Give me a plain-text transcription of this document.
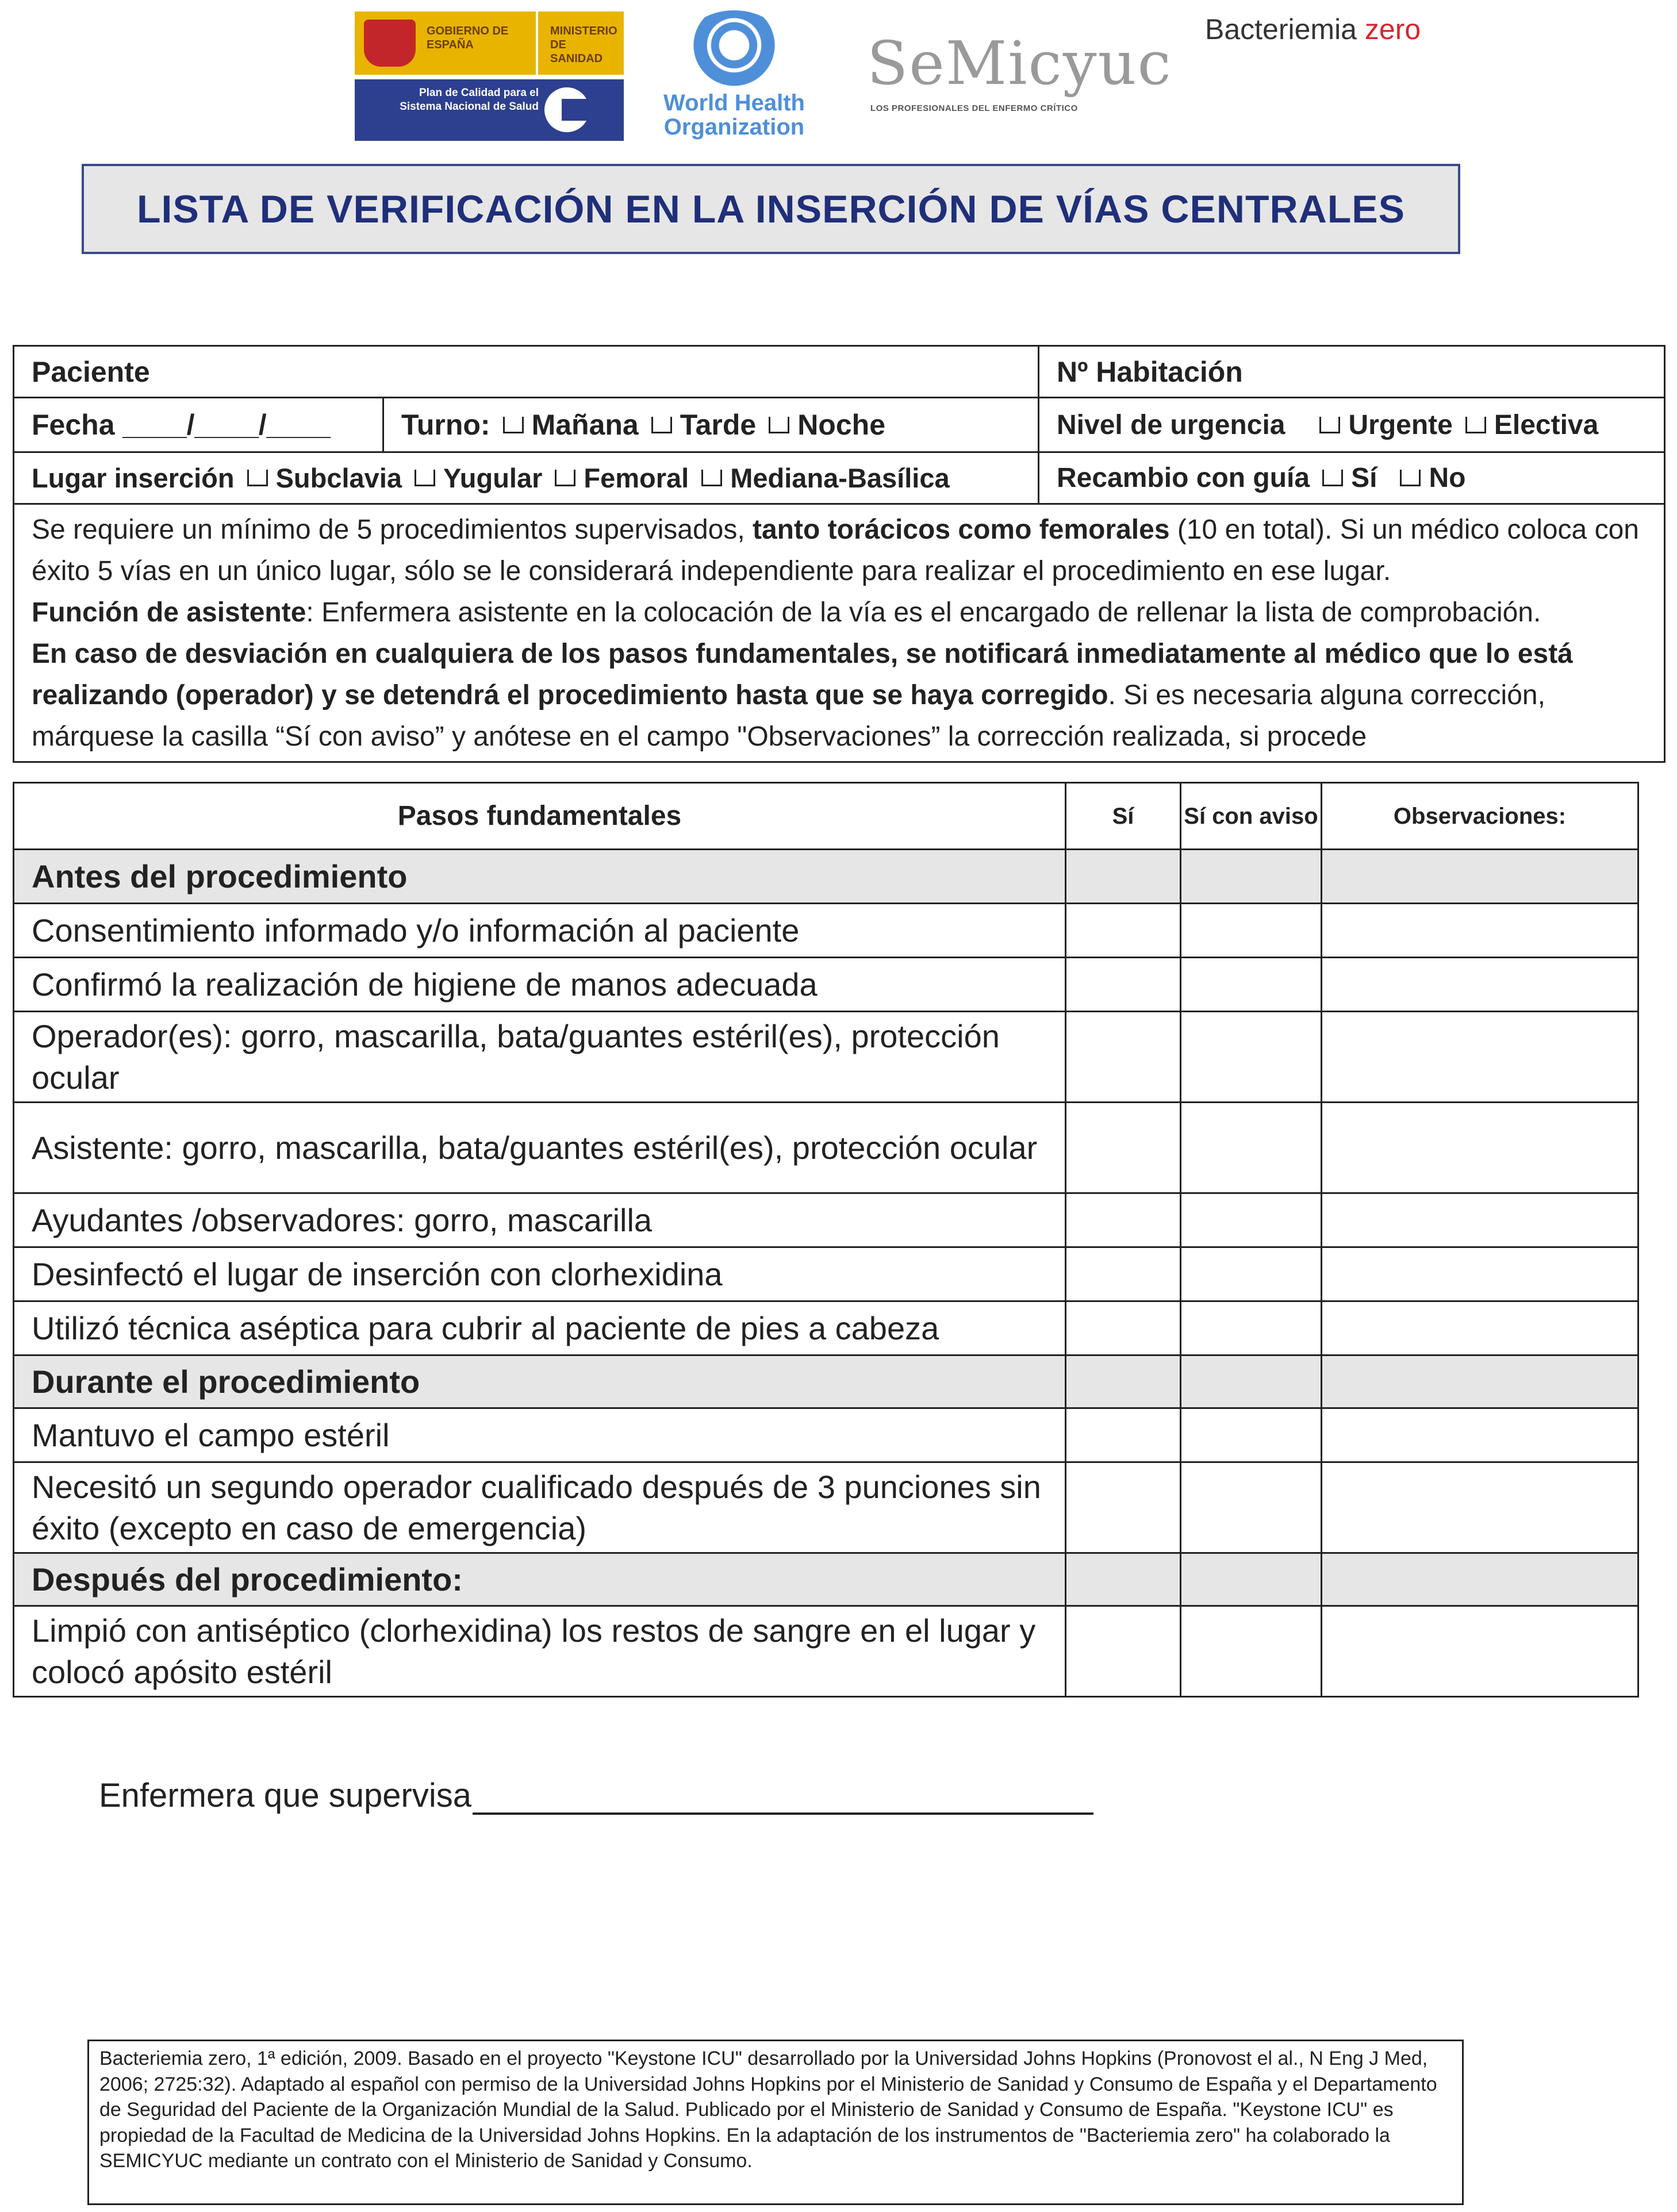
GOBIERNO DE ESPAÑA
MINISTERIO DE SANIDAD
Plan de Calidad para el Sistema Nacional de Salud	World Health Organization
SeMicyuc
LOS PROFESIONALES DEL ENFERMO CRÍTICO
Bacteriemia zero
LISTA DE VERIFICACIÓN EN LA INSERCIÓN DE VÍAS CENTRALES
Paciente	Nº Habitación
Fecha ____/____/____ Turno: Mañana Tarde Noche	Nivel de urgencia Urgente Electiva
Lugar inserción Subclavia Yugular Femoral Mediana-Basílica	Recambio con guía Sí No
Se requiere un mínimo de 5 procedimientos supervisados, tanto torácicos como femorales (10 en total). Si un médico coloca con éxito 5 vías en un único lugar, sólo se le considerará independiente para realizar el procedimiento en ese lugar.
Función de asistente: Enfermera asistente en la colocación de la vía es el encargado de rellenar la lista de comprobación.
En caso de desviación en cualquiera de los pasos fundamentales, se notificará inmediatamente al médico que lo está realizando (operador) y se detendrá el procedimiento hasta que se haya corregido. Si es necesaria alguna corrección, márquese la casilla “Sí con aviso” y anótese en el campo "Observaciones” la corrección realizada, si procede
Pasos fundamentales	Sí	Sí con aviso	Observaciones:
Antes del procedimiento			
Consentimiento informado y/o información al paciente			
Confirmó la realización de higiene de manos adecuada			
Operador(es): gorro, mascarilla, bata/guantes estéril(es), protección ocular			
Asistente: gorro, mascarilla, bata/guantes estéril(es), protección ocular			
Ayudantes /observadores: gorro, mascarilla			
Desinfectó el lugar de inserción con clorhexidina			
Utilizó técnica aséptica para cubrir al paciente de pies a cabeza			
Durante el procedimiento			
Mantuvo el campo estéril			
Necesitó un segundo operador cualificado después de 3 punciones sin éxito (excepto en caso de emergencia)			
Después del procedimiento:			
Limpió con antiséptico (clorhexidina) los restos de sangre en el lugar y colocó apósito estéril			
Enfermera que supervisa
Bacteriemia zero, 1ª edición, 2009. Basado en el proyecto "Keystone ICU" desarrollado por la Universidad Johns Hopkins (Pronovost el al., N Eng J Med, 2006; 2725:32). Adaptado al español con permiso de la Universidad Johns Hopkins por el Ministerio de Sanidad y Consumo de España y el Departamento de Seguridad del Paciente de la Organización Mundial de la Salud. Publicado por el Ministerio de Sanidad y Consumo de España. "Keystone ICU" es propiedad de la Facultad de Medicina de la Universidad Johns Hopkins. En la adaptación de los instrumentos de "Bacteriemia zero" ha colaborado la SEMICYUC mediante un contrato con el Ministerio de Sanidad y Consumo.
